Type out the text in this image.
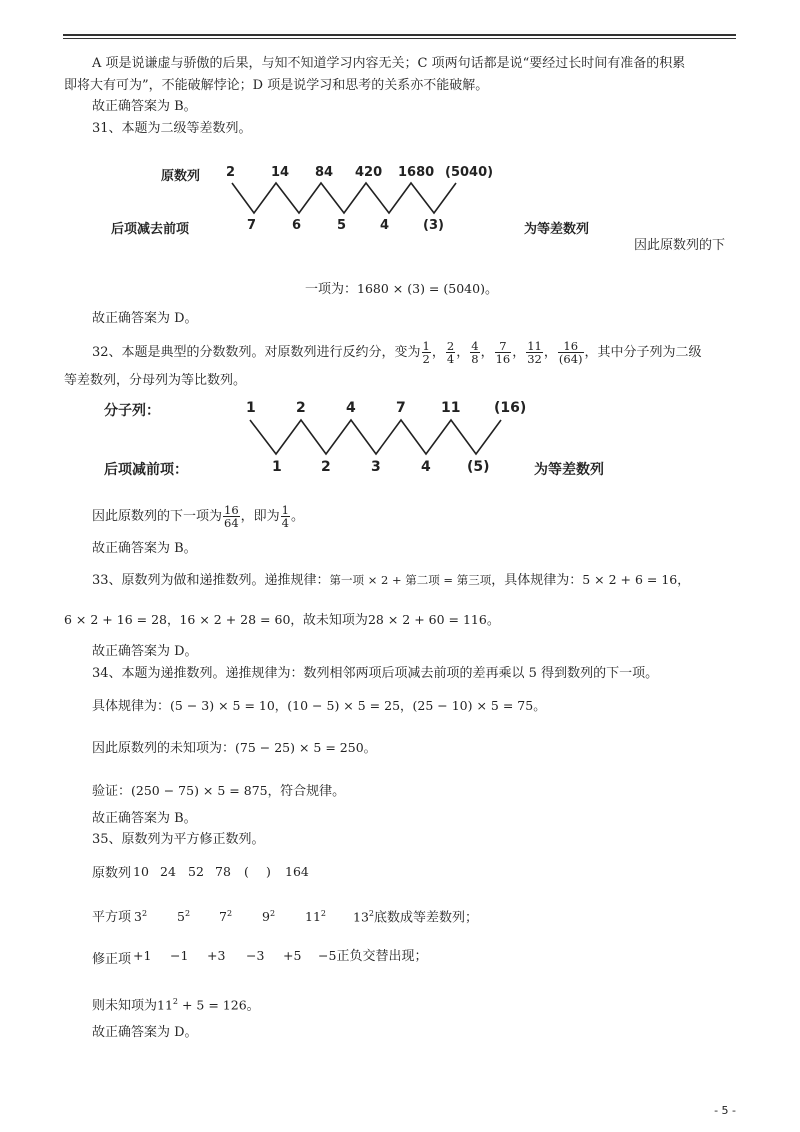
A 项是说谦虚与骄傲的后果，与知不知道学习内容无关；C 项两句话都是说“要经过长时间有准备的积累
即将大有可为”，不能破解悖论；D 项是说学习和思考的关系亦不能破解。
故正确答案为 B。
31、本题为二级等差数列。
原数列 2	14 84 420 1680 (5040)
后项减去前项	7	6	5	4	(3)	为等差数列
因此原数列的下
一项为：1680 × (3) = (5040)。
故正确答案为 D。
32、本题是典型的分数数列。对原数列进行反约分，变为 $\frac{1}{2}$ ， $\frac{2}{4}$ ， $\frac{4}{8}$ ， $\frac{7}{16}$ ， $\frac{11}{32}$ ， $\frac{16}{(64)}$ ，其中分子列为二级
等差数列，分母列为等比数列。
分子列：	1	2	4	7	11 (16)
后项减前项：	1	2	3	4	(5)	为等差数列
因此原数列的下一项为 $\frac{16}{64}$ ，即为 $\frac{1}{4}$ 。
故正确答案为 B。
33、原数列为做和递推数列。递推规律：第一项 × 2 + 第二项 = 第三项，具体规律为：5 × 2 + 6 = 16，
6 × 2 + 16 = 28，16 × 2 + 28 = 60，故未知项为28 × 2 + 60 = 116。
故正确答案为 D。
34、本题为递推数列。递推规律为：数列相邻两项后项减去前项的差再乘以 5 得到数列的下一项。
具体规律为：(5 − 3) × 5 = 10，(10 − 5) × 5 = 25，(25 − 10) × 5 = 75。
因此原数列的未知项为：(75 − 25) × 5 = 250。
验证：(250 − 75) × 5 = 875，符合规律。
故正确答案为 B。
35、原数列为平方修正数列。
原数列 10 24 52 78 ( ) 164
平方项 $3^2$ $5^2$ $7^2$ $9^2$ $11^2$ $13^2$底数成等差数列；
修正项 +1 −1 +3 −3 +5 −5正负交替出现；
则未知项为$11^2 + 5 = 126$。
故正确答案为 D。
- 5 -
